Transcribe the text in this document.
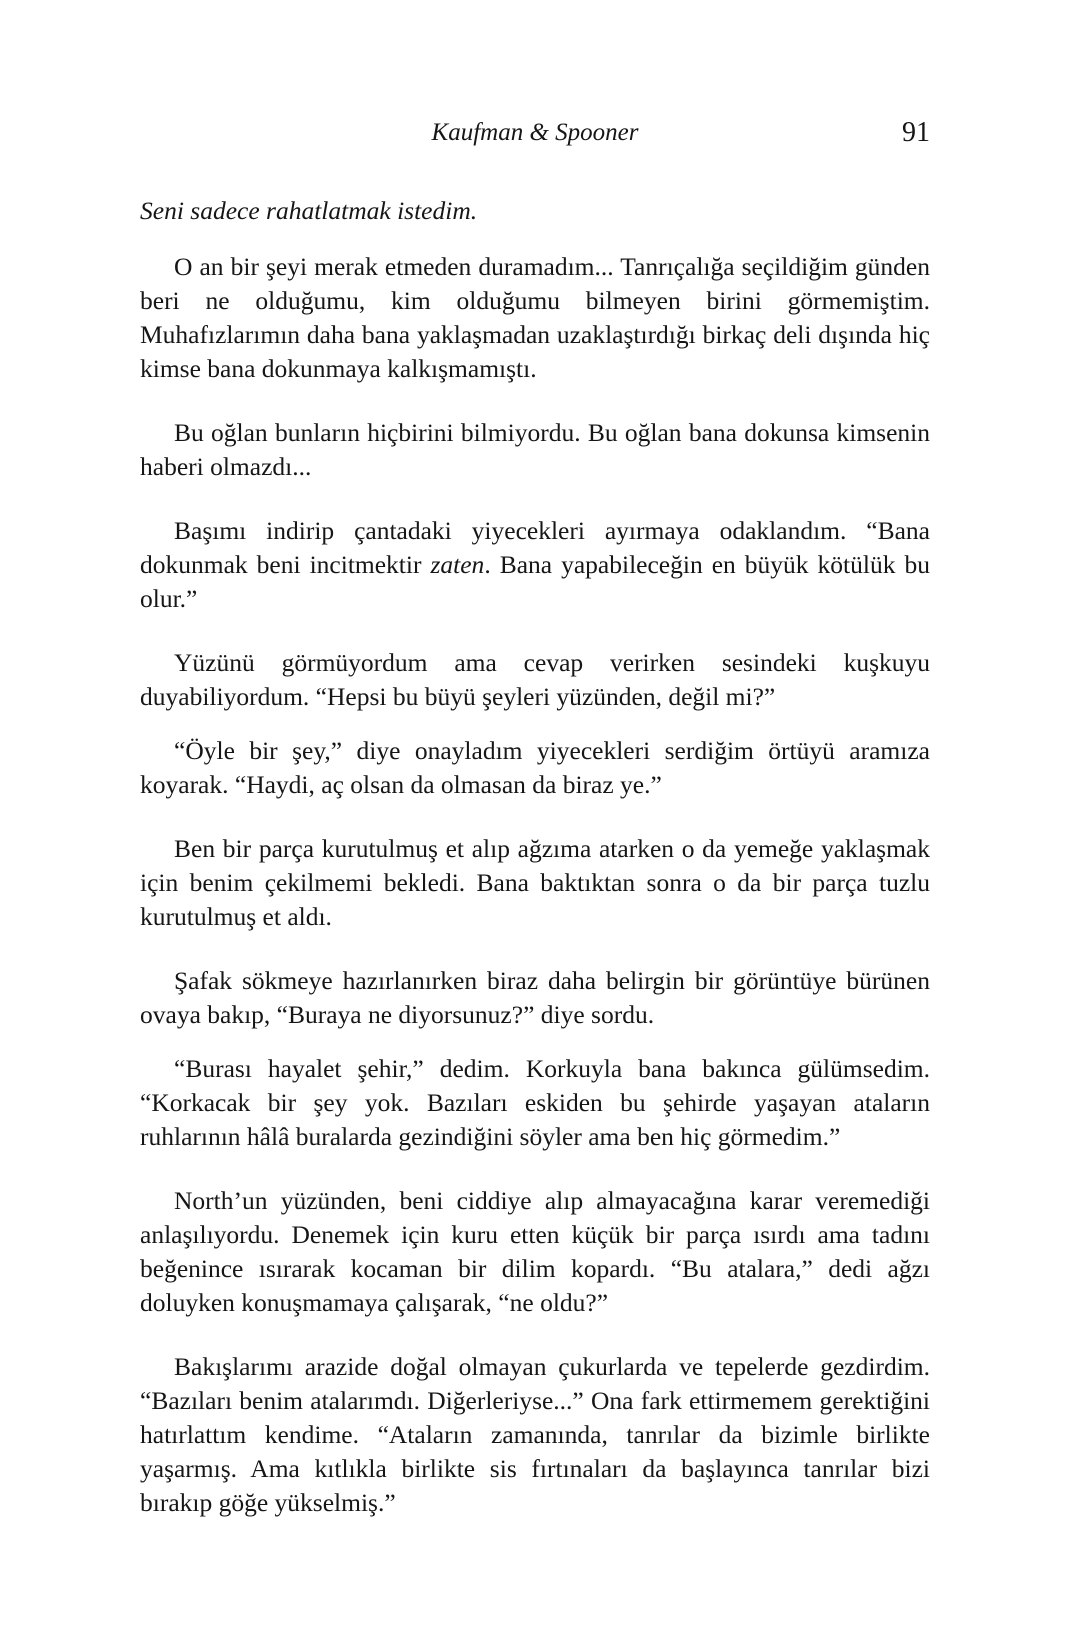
Kaufman & Spooner	91

Seni sadece rahatlatmak istedim.

O an bir şeyi merak etmeden duramadım... Tanrıçalığa seçildiğim günden beri ne olduğumu, kim olduğumu bilmeyen birini görmemiştim. Muhafızlarımın daha bana yaklaşmadan uzaklaştırdığı birkaç deli dışında hiç kimse bana dokunmaya kalkışmamıştı.

Bu oğlan bunların hiçbirini bilmiyordu. Bu oğlan bana dokunsa kimsenin haberi olmazdı...

Başımı indirip çantadaki yiyecekleri ayırmaya odaklandım. “Bana dokunmak beni incitmektir zaten. Bana yapabileceğin en büyük kötülük bu olur.”

Yüzünü görmüyordum ama cevap verirken sesindeki kuşkuyu duyabiliyordum. “Hepsi bu büyü şeyleri yüzünden, değil mi?”

“Öyle bir şey,” diye onayladım yiyecekleri serdiğim örtüyü aramıza koyarak. “Haydi, aç olsan da olmasan da biraz ye.”

Ben bir parça kurutulmuş et alıp ağzıma atarken o da yemeğe yaklaşmak için benim çekilmemi bekledi. Bana baktıktan sonra o da bir parça tuzlu kurutulmuş et aldı.

Şafak sökmeye hazırlanırken biraz daha belirgin bir görüntüye bürünen ovaya bakıp, “Buraya ne diyorsunuz?” diye sordu.

“Burası hayalet şehir,” dedim. Korkuyla bana bakınca gülümsedim. “Korkacak bir şey yok. Bazıları eskiden bu şehirde yaşayan ataların ruhlarının hâlâ buralarda gezindiğini söyler ama ben hiç görmedim.”

North’un yüzünden, beni ciddiye alıp almayacağına karar veremediği anlaşılıyordu. Denemek için kuru etten küçük bir parça ısırdı ama tadını beğenince ısırarak kocaman bir dilim kopardı. “Bu atalara,” dedi ağzı doluyken konuşmamaya çalışarak, “ne oldu?”

Bakışlarımı arazide doğal olmayan çukurlarda ve tepelerde gezdirdim. “Bazıları benim atalarımdı. Diğerleriyse...” Ona fark ettirmemem gerektiğini hatırlattım kendime. “Ataların zamanında, tanrılar da bizimle birlikte yaşarmış. Ama kıtlıkla birlikte sis fırtınaları da başlayınca tanrılar bizi bırakıp göğe yükselmiş.”
